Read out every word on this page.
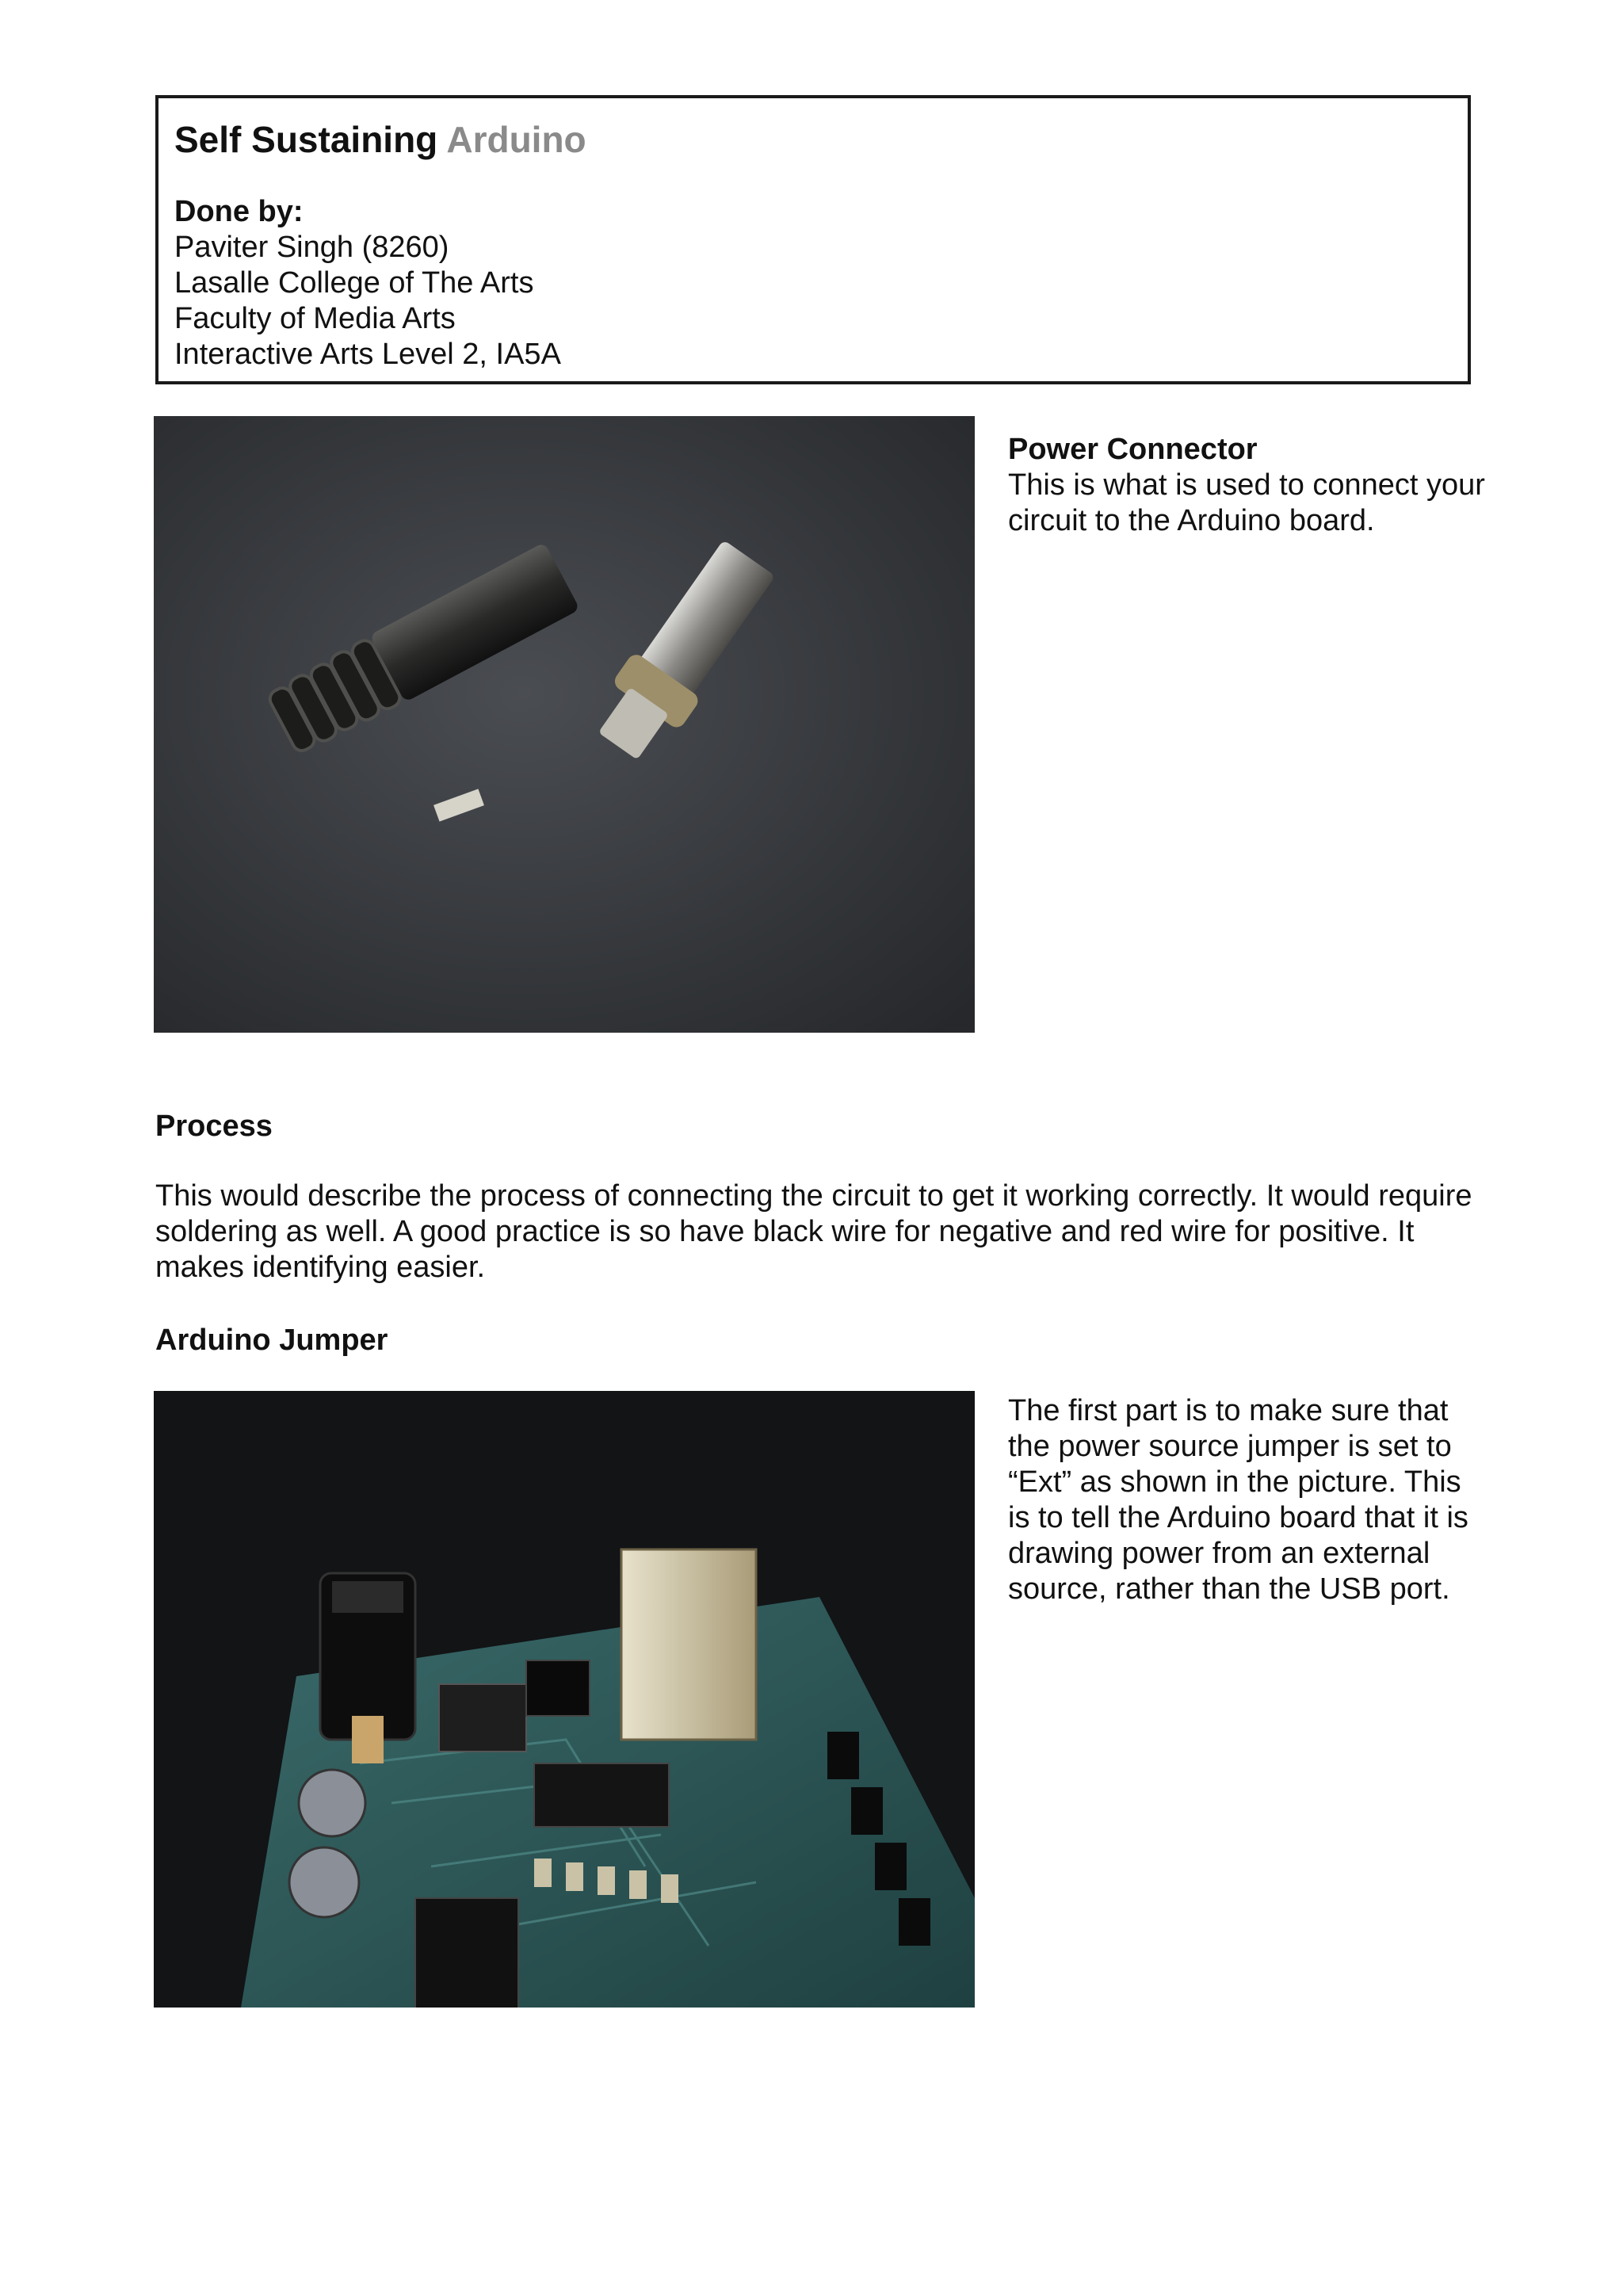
Self Sustaining Arduino
Done by:
Paviter Singh (8260)
Lasalle College of The Arts
Faculty of Media Arts
Interactive Arts Level 2, IA5A
Power Connector
This is what is used to connect your circuit to the Arduino board.
Process
This would describe the process of connecting the circuit to get it working correctly. It would require soldering as well. A good practice is so have black wire for negative and red wire for positive. It makes identifying easier.
Arduino Jumper
The first part is to make sure that the power source jumper is set to “Ext” as shown in the picture. This is to tell the Arduino board that it is drawing power from an external source, rather than the USB port.
